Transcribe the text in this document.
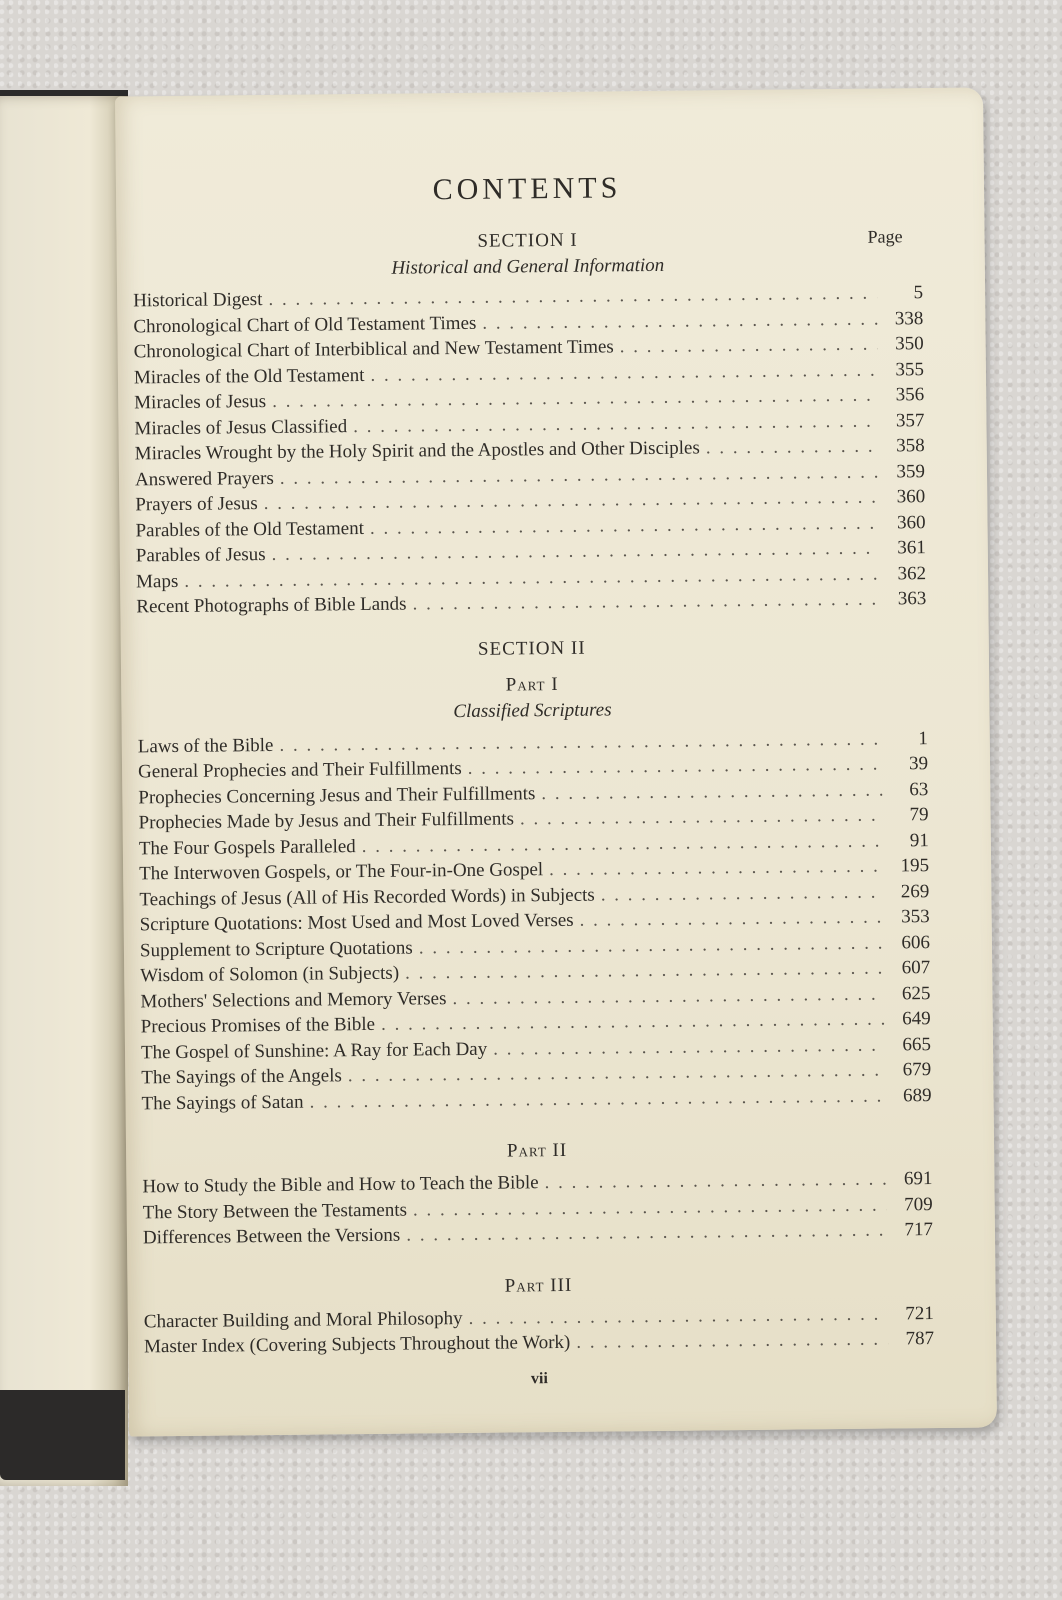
CONTENTS

SECTION I	Page

Historical and General Information

Historical Digest . . .	5
Chronological Chart of Old Testament Times . . .	338
Chronological Chart of Interbiblical and New Testament Times . . .	350
Miracles of the Old Testament . . .	355
Miracles of Jesus . . .	356
Miracles of Jesus Classified . . .	357
Miracles Wrought by the Holy Spirit and the Apostles and Other Disciples . . .	358
Answered Prayers . . .	359
Prayers of Jesus . . .	360
Parables of the Old Testament . . .	360
Parables of Jesus . . .	361
Maps . . .	362
Recent Photographs of Bible Lands . . .	363

SECTION II

Part I

Classified Scriptures

Laws of the Bible . . .	1
General Prophecies and Their Fulfillments . . .	39
Prophecies Concerning Jesus and Their Fulfillments . . .	63
Prophecies Made by Jesus and Their Fulfillments . . .	79
The Four Gospels Paralleled . . .	91
The Interwoven Gospels, or The Four-in-One Gospel . . .	195
Teachings of Jesus (All of His Recorded Words) in Subjects . . .	269
Scripture Quotations: Most Used and Most Loved Verses . . .	353
Supplement to Scripture Quotations . . .	606
Wisdom of Solomon (in Subjects) . . .	607
Mothers' Selections and Memory Verses . . .	625
Precious Promises of the Bible . . .	649
The Gospel of Sunshine: A Ray for Each Day . . .	665
The Sayings of the Angels . . .	679
The Sayings of Satan . . .	689

Part II

How to Study the Bible and How to Teach the Bible . . .	691
The Story Between the Testaments . . .	709
Differences Between the Versions . . .	717

Part III

Character Building and Moral Philosophy . . .	721
Master Index (Covering Subjects Throughout the Work) . . .	787
vii
